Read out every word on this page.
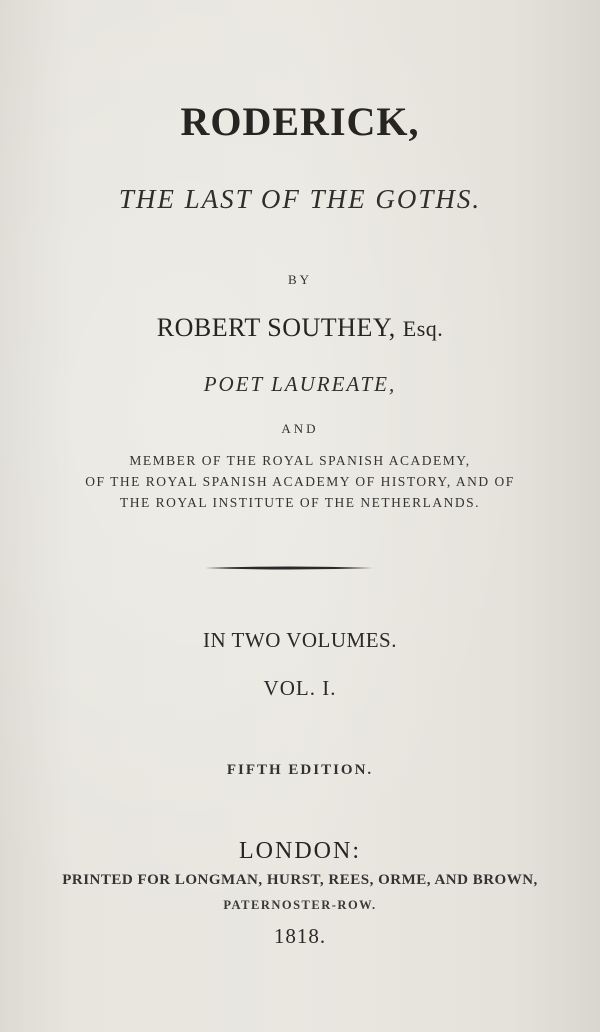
RODERICK,
THE LAST OF THE GOTHS.
BY
ROBERT SOUTHEY, Esq.
POET LAUREATE,
AND
MEMBER OF THE ROYAL SPANISH ACADEMY,
OF THE ROYAL SPANISH ACADEMY OF HISTORY, AND OF
THE ROYAL INSTITUTE OF THE NETHERLANDS.
IN TWO VOLUMES.
VOL. I.
FIFTH EDITION.
LONDON:
PRINTED FOR LONGMAN, HURST, REES, ORME, AND BROWN,
PATERNOSTER-ROW.
1818.
